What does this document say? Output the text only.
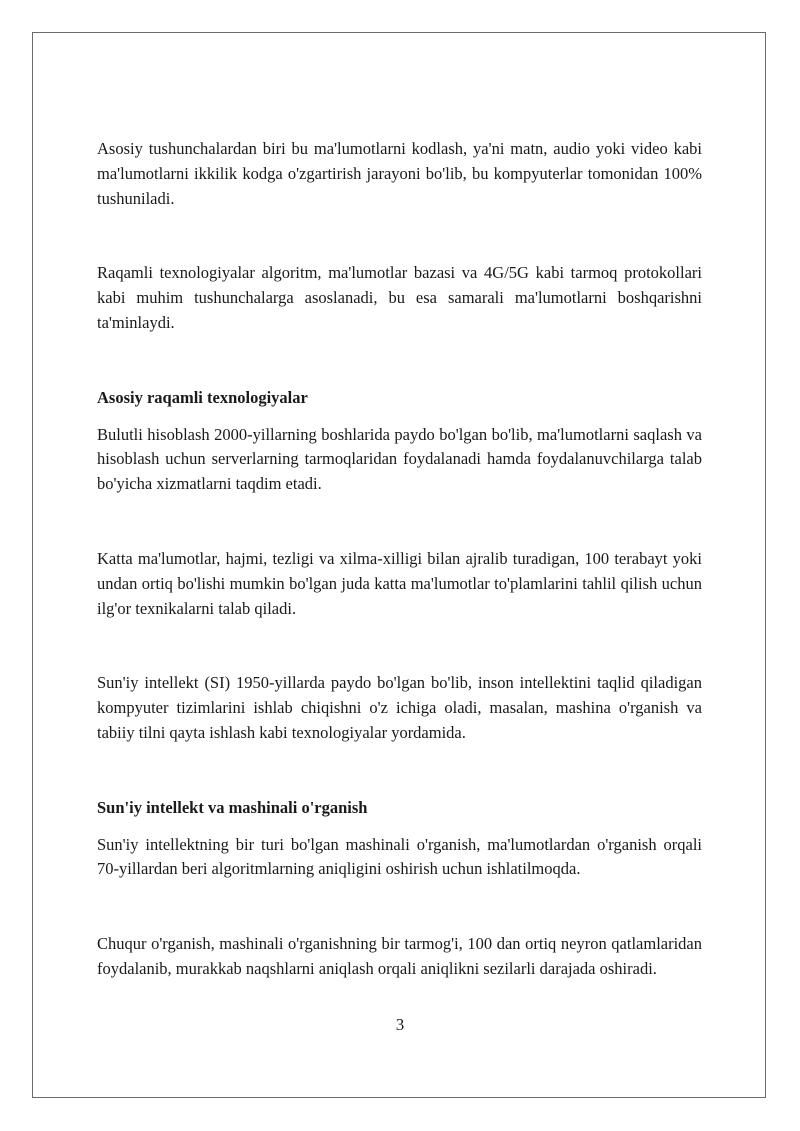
Asosiy tushunchalardan biri bu ma'lumotlarni kodlash, ya'ni matn, audio yoki video kabi ma'lumotlarni ikkilik kodga o'zgartirish jarayoni bo'lib, bu kompyuterlar tomonidan 100% tushuniladi.

Raqamli texnologiyalar algoritm, ma'lumotlar bazasi va 4G/5G kabi tarmoq protokollari kabi muhim tushunchalarga asoslanadi, bu esa samarali ma'lumotlarni boshqarishni ta'minlaydi.

Asosiy raqamli texnologiyalar

Bulutli hisoblash 2000-yillarning boshlarida paydo bo'lgan bo'lib, ma'lumotlarni saqlash va hisoblash uchun serverlarning tarmoqlaridan foydalanadi hamda foydalanuvchilarga talab bo'yicha xizmatlarni taqdim etadi.

Katta ma'lumotlar, hajmi, tezligi va xilma-xilligi bilan ajralib turadigan, 100 terabayt yoki undan ortiq bo'lishi mumkin bo'lgan juda katta ma'lumotlar to'plamlarini tahlil qilish uchun ilg'or texnikalarni talab qiladi.

Sun'iy intellekt (SI) 1950-yillarda paydo bo'lgan bo'lib, inson intellektini taqlid qiladigan kompyuter tizimlarini ishlab chiqishni o'z ichiga oladi, masalan, mashina o'rganish va tabiiy tilni qayta ishlash kabi texnologiyalar yordamida.

Sun'iy intellekt va mashinali o'rganish

Sun'iy intellektning bir turi bo'lgan mashinali o'rganish, ma'lumotlardan o'rganish orqali 70-yillardan beri algoritmlarning aniqligini oshirish uchun ishlatilmoqda.

Chuqur o'rganish, mashinali o'rganishning bir tarmog'i, 100 dan ortiq neyron qatlamlaridan foydalanib, murakkab naqshlarni aniqlash orqali aniqlikni sezilarli darajada oshiradi.

3
